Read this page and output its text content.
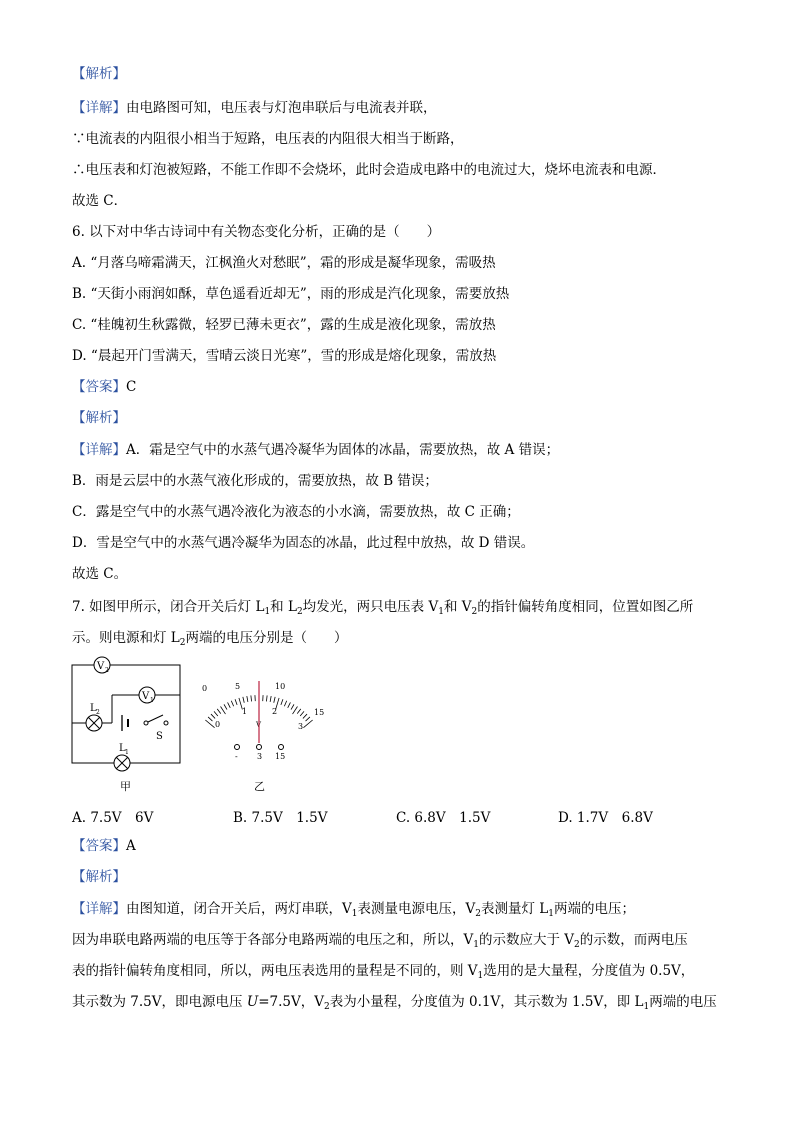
【解析】
【详解】由电路图可知，电压表与灯泡串联后与电流表并联，
∵电流表的内阻很小相当于短路，电压表的内阻很大相当于断路，
∴电压表和灯泡被短路，不能工作即不会烧坏，此时会造成电路中的电流过大，烧坏电流表和电源．
故选 C．
6. 以下对中华古诗词中有关物态变化分析，正确的是（　　）
A. “月落乌啼霜满天，江枫渔火对愁眠”，霜的形成是凝华现象，需吸热
B. “天街小雨润如酥，草色遥看近却无”，雨的形成是汽化现象，需要放热
C. “桂魄初生秋露微，轻罗已薄未更衣”，露的生成是液化现象，需放热
D. “晨起开门雪满天，雪晴云淡日光寒”，雪的形成是熔化现象，需放热
【答案】C
【解析】
【详解】A．霜是空气中的水蒸气遇冷凝华为固体的冰晶，需要放热，故 A 错误；
B．雨是云层中的水蒸气液化形成的，需要放热，故 B 错误；
C．露是空气中的水蒸气遇冷液化为液态的小水滴，需要放热，故 C 正确；
D．雪是空气中的水蒸气遇冷凝华为固态的冰晶，此过程中放热，故 D 错误。
故选 C。
7. 如图甲所示，闭合开关后灯 $L_1$和 $L_2$均发光，两只电压表 $V_1$和 $V_2$的指针偏转角度相同，位置如图乙所
示。则电源和灯 $L_2$两端的电压分别是（　　）
V 2
V 1
L 2
S
L 1
甲
0	5	10
15
0
1	2
3
V
- 3 15
乙
A. 7.5V　6V	B. 7.5V　1.5V	C. 6.8V　1.5V	D. 1.7V　6.8V
【答案】A
【解析】
【详解】由图知道，闭合开关后，两灯串联，$V_1$表测量电源电压，$V_2$表测量灯 $L_1$两端的电压；
因为串联电路两端的电压等于各部分电路两端的电压之和，所以，$V_1$的示数应大于 $V_2$的示数，而两电压
表的指针偏转角度相同，所以，两电压表选用的量程是不同的，则 $V_1$选用的是大量程，分度值为 0.5V，
其示数为 7.5V，即电源电压 U=7.5V，$V_2$表为小量程，分度值为 0.1V，其示数为 1.5V，即 $L_1$两端的电压
